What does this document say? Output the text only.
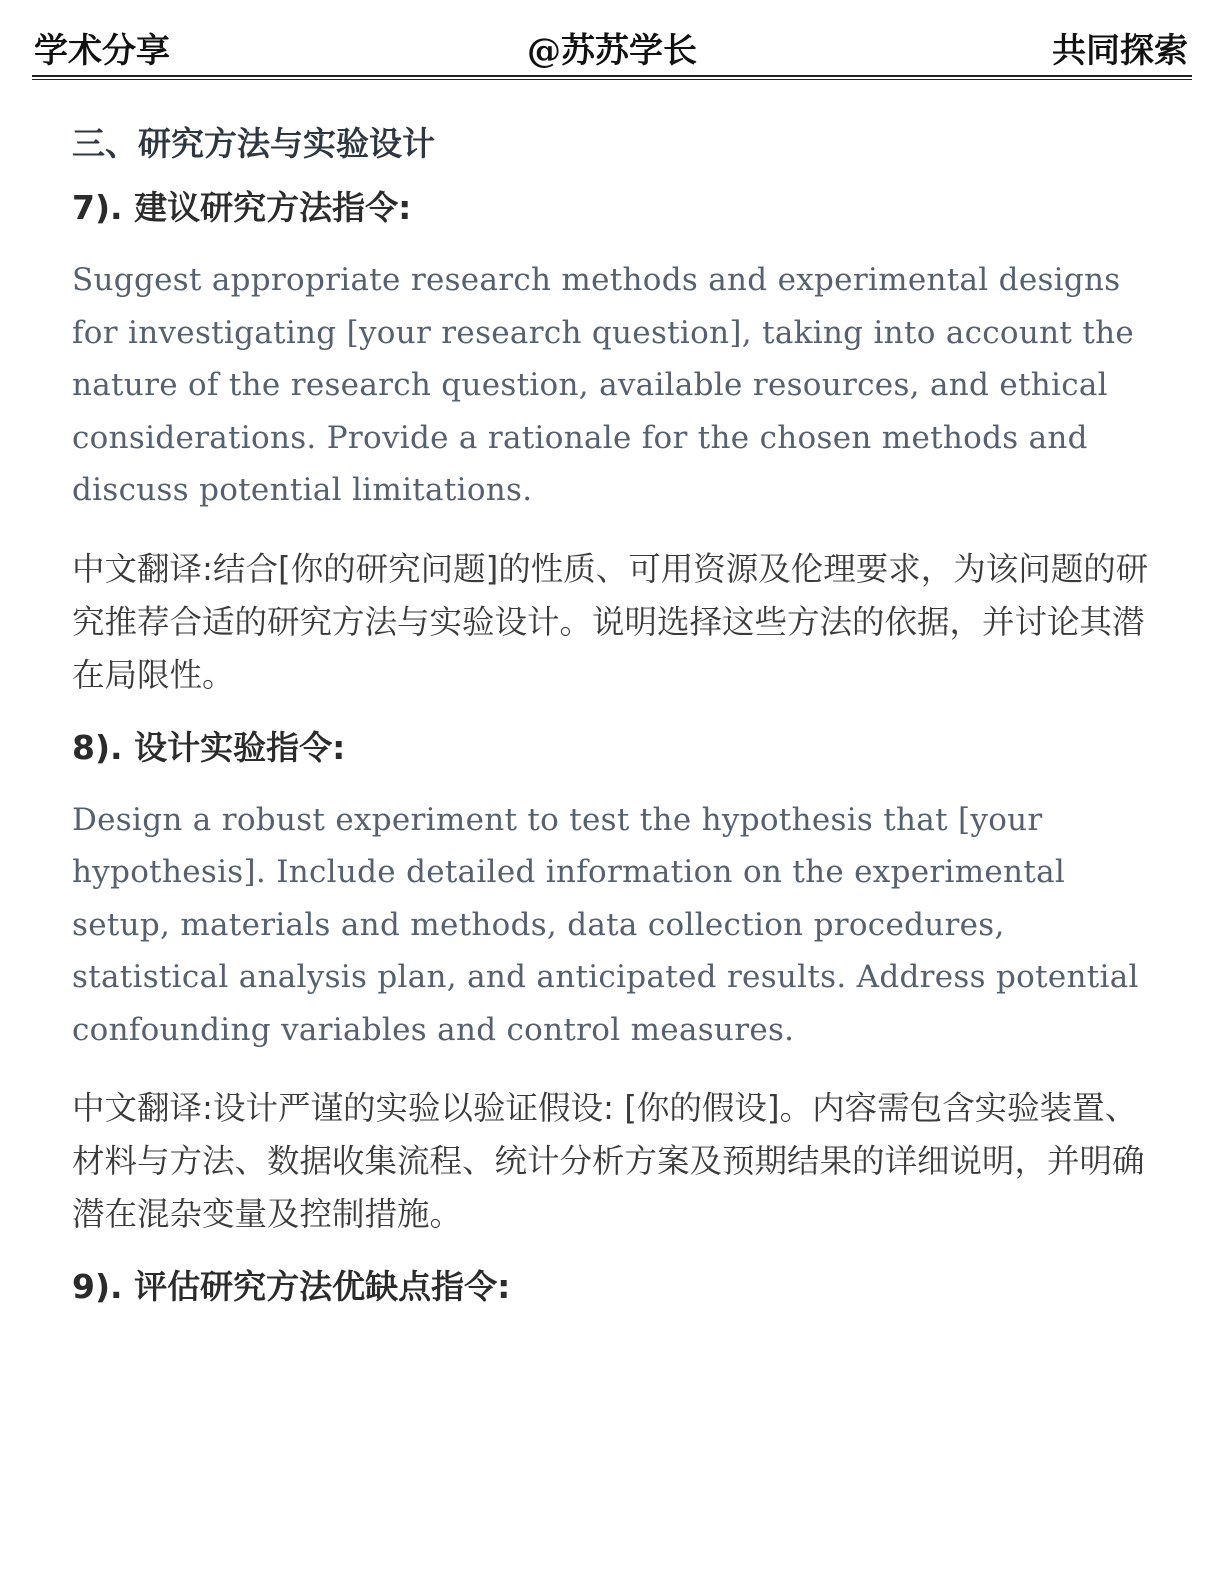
学术分享	@苏苏学长	共同探索
三、研究方法与实验设计
7). 建议研究方法指令:

Suggest appropriate research methods and experimental designs for investigating [your research question], taking into account the nature of the research question, available resources, and ethical considerations. Provide a rationale for the chosen methods and discuss potential limitations.

中文翻译:结合[你的研究问题]的性质、可用资源及伦理要求，为该问题的研究推荐合适的研究方法与实验设计。说明选择这些方法的依据，并讨论其潜在局限性。

8). 设计实验指令:

Design a robust experiment to test the hypothesis that [your hypothesis]. Include detailed information on the experimental setup, materials and methods, data collection procedures, statistical analysis plan, and anticipated results. Address potential confounding variables and control measures.

中文翻译:设计严谨的实验以验证假设: [你的假设]。内容需包含实验装置、材料与方法、数据收集流程、统计分析方案及预期结果的详细说明，并明确潜在混杂变量及控制措施。

9). 评估研究方法优缺点指令:
